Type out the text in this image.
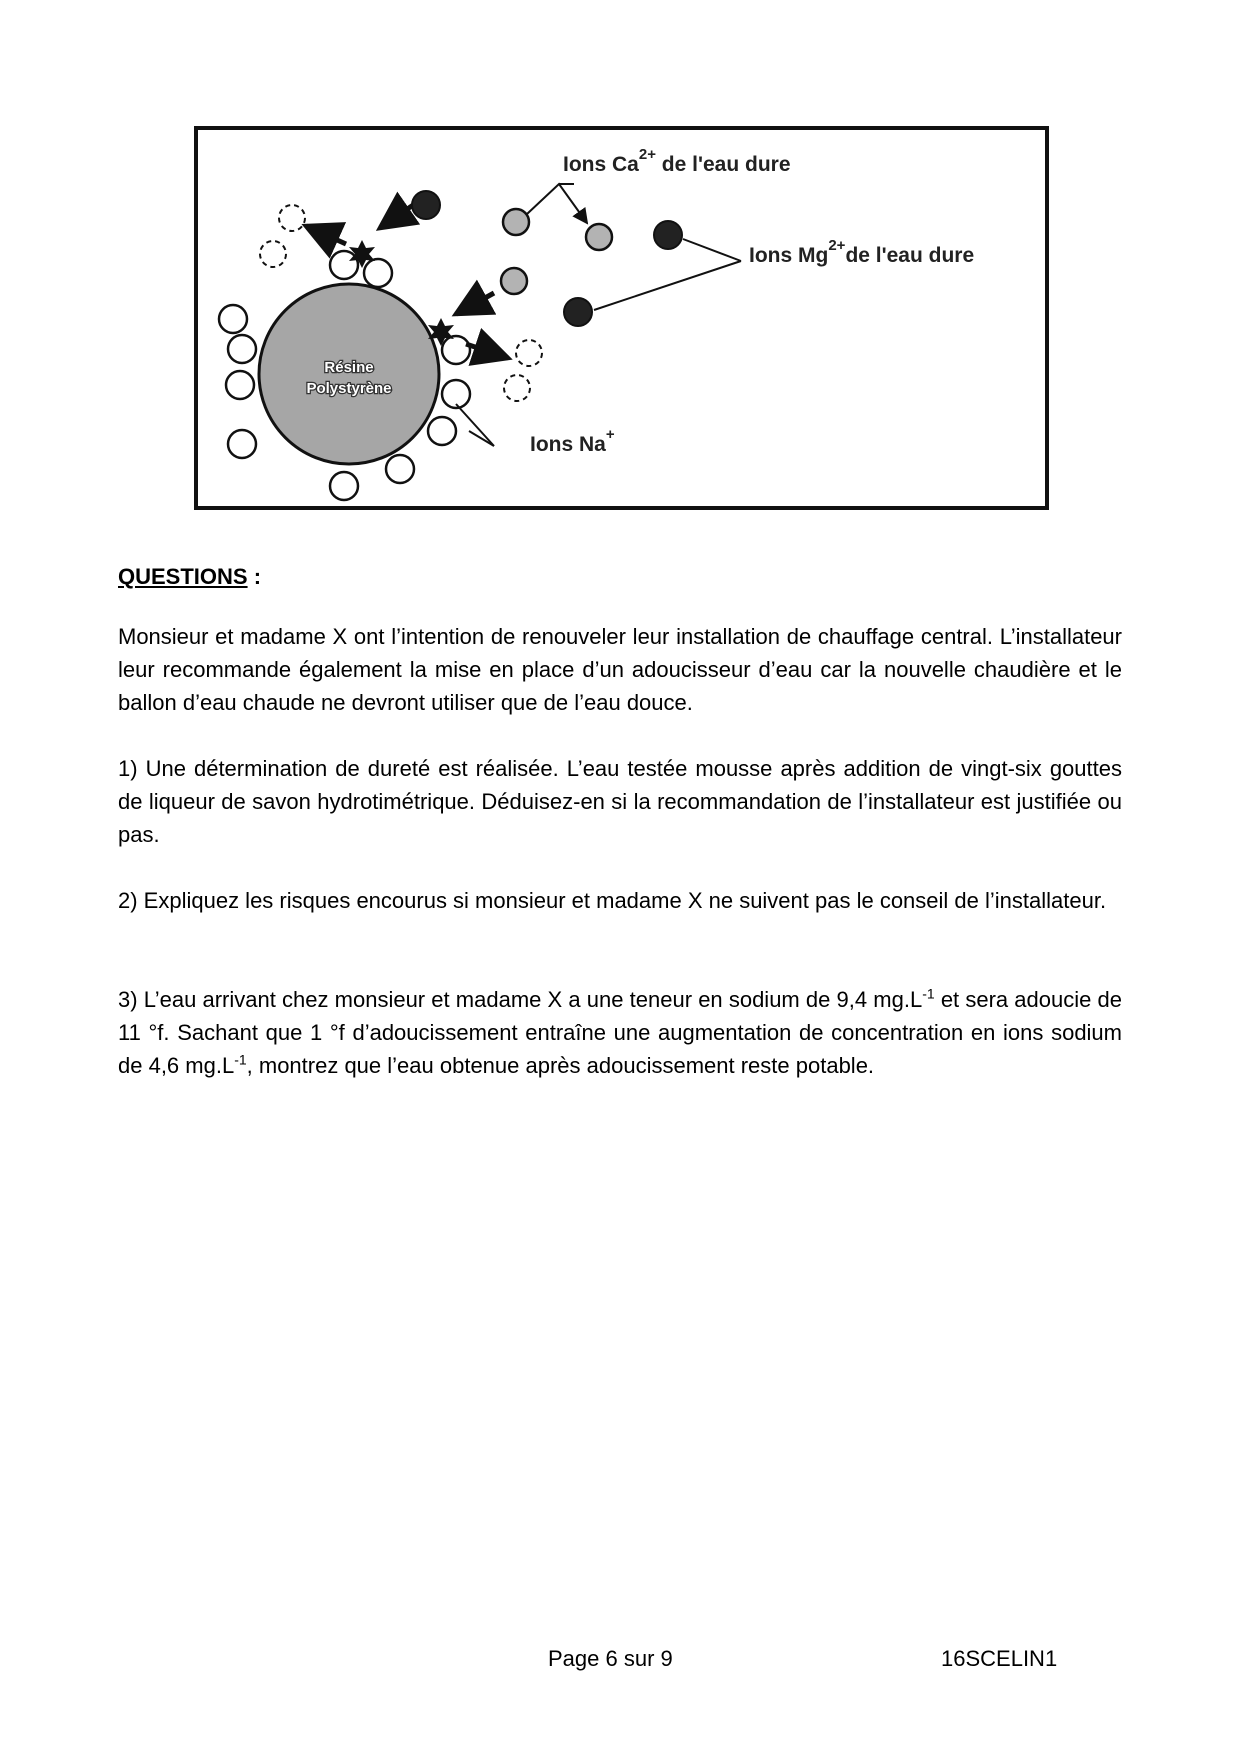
Résine
Polystyrène
Ions $Ca^{2+}$ de l'eau dure
Ions $Mg^{2+}de$ l'eau dure
Ions Na+
QUESTIONS :

Monsieur et madame X ont l’intention de renouveler leur installation de chauffage central. L’installateur leur recommande également la mise en place d’un adoucisseur d’eau car la nouvelle chaudière et le ballon d’eau chaude ne devront utiliser que de l’eau douce.

1) Une détermination de dureté est réalisée. L’eau testée mousse après addition de vingt-six gouttes de liqueur de savon hydrotimétrique. Déduisez-en si la recommandation de l’installateur est justifiée ou pas.

2) Expliquez les risques encourus si monsieur et madame X ne suivent pas le conseil de l’installateur.

3) L’eau arrivant chez monsieur et madame X a une teneur en sodium de 9,4 $mg.L^{-1}$ et sera adoucie de 11 °f. Sachant que 1 °f d’adoucissement entraîne une augmentation de concentration en ions sodium de 4,6 $mg.L^{-1}$, montrez que l’eau obtenue après adoucissement reste potable.

Page 6 sur 9	16SCELIN1
